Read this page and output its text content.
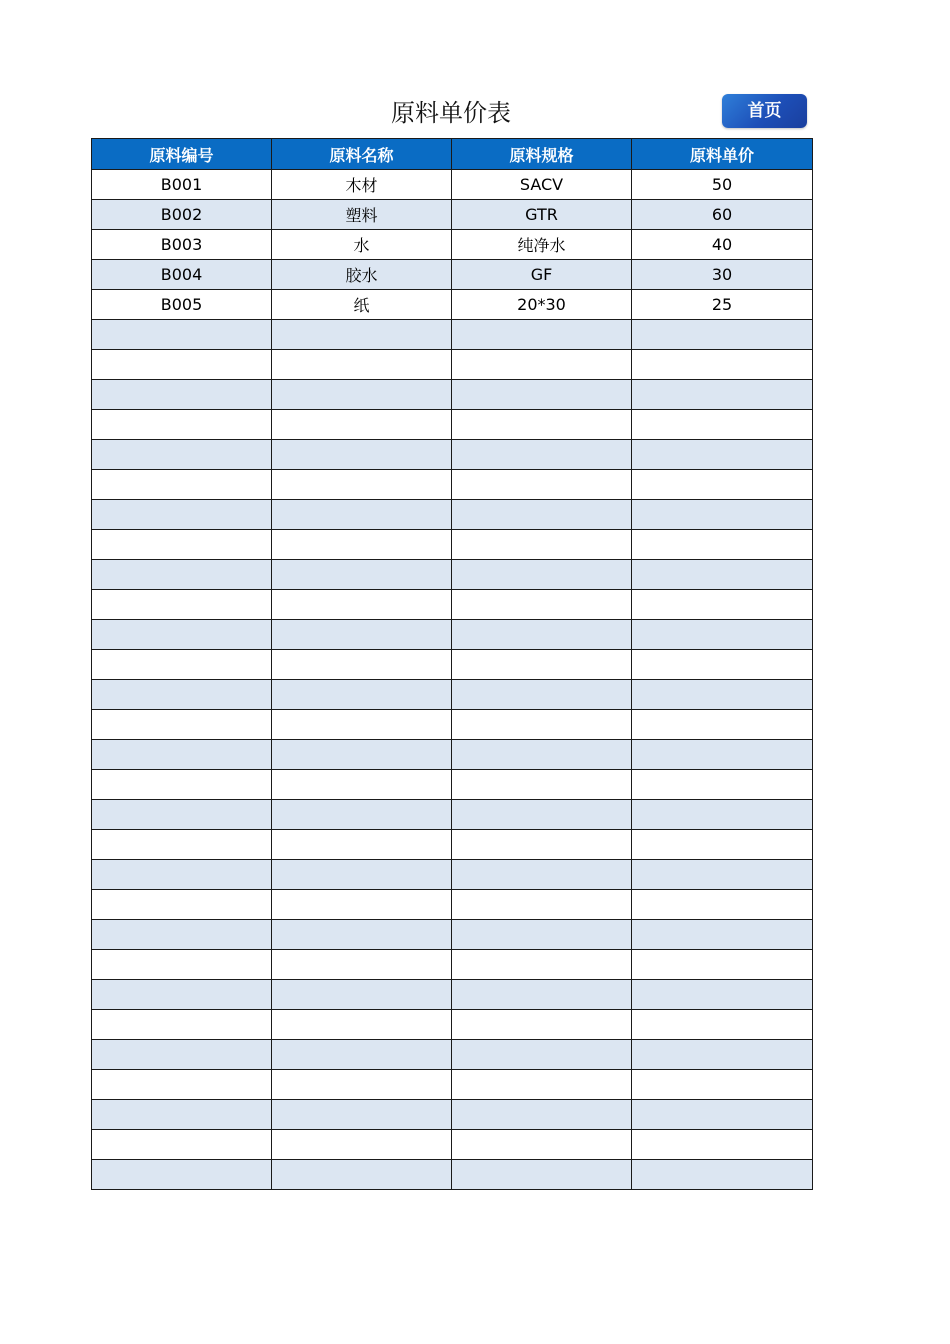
原料单价表	首页
原料编号	原料名称	原料规格	原料单价
B001	木材	SACV	50
B002	塑料	GTR	60
B003	水	纯净水	40
B004	胶水	GF	30
B005	纸	20*30	25
